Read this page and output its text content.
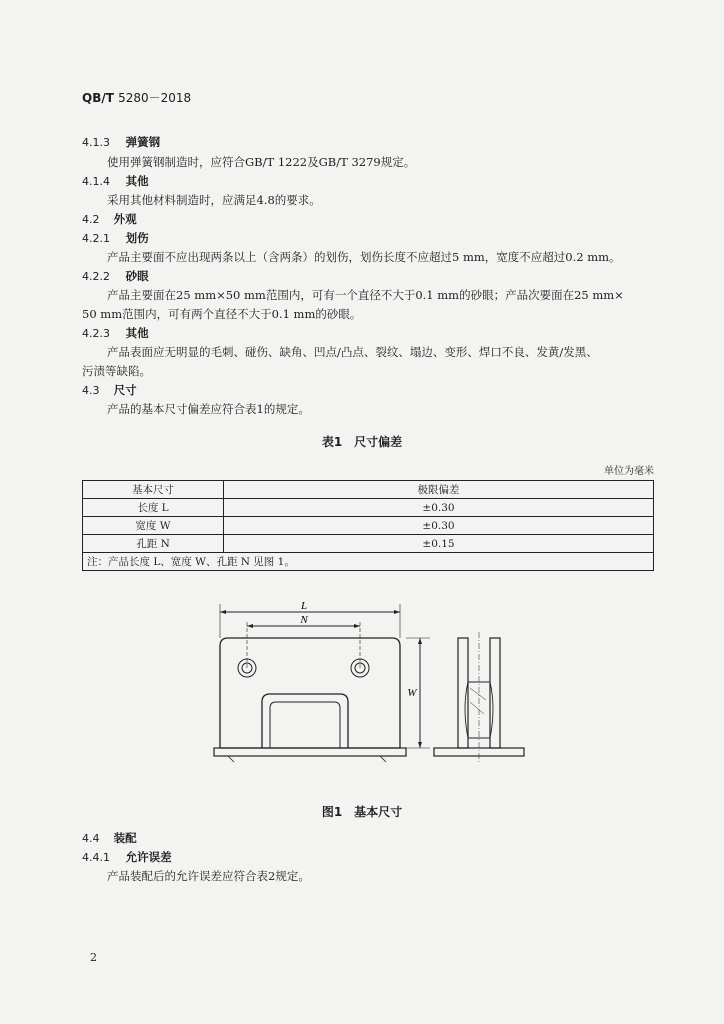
QB/T 5280－2018
4.1.3 弹簧钢
使用弹簧钢制造时，应符合GB/T 1222及GB/T 3279规定。
4.1.4 其他
采用其他材料制造时，应满足4.8的要求。
4.2 外观
4.2.1 划伤
产品主要面不应出现两条以上（含两条）的划伤，划伤长度不应超过5 mm，宽度不应超过0.2 mm。
4.2.2 砂眼
产品主要面在25 mm×50 mm范围内，可有一个直径不大于0.1 mm的砂眼；产品次要面在25 mm×
50 mm范围内，可有两个直径不大于0.1 mm的砂眼。
4.2.3 其他
产品表面应无明显的毛刺、碰伤、缺角、凹点/凸点、裂纹、塌边、变形、焊口不良、发黄/发黑、
污渍等缺陷。
4.3 尺寸
产品的基本尺寸偏差应符合表1的规定。
表1　尺寸偏差
单位为毫米
基本尺寸	极限偏差
长度 L	±0.30
宽度 W	±0.30
孔距 N	±0.15
注：产品长度 L、宽度 W、孔距 N 见图 1。	
L
N
W
图1　基本尺寸
4.4 装配
4.4.1 允许误差
产品装配后的允许误差应符合表2规定。
2
